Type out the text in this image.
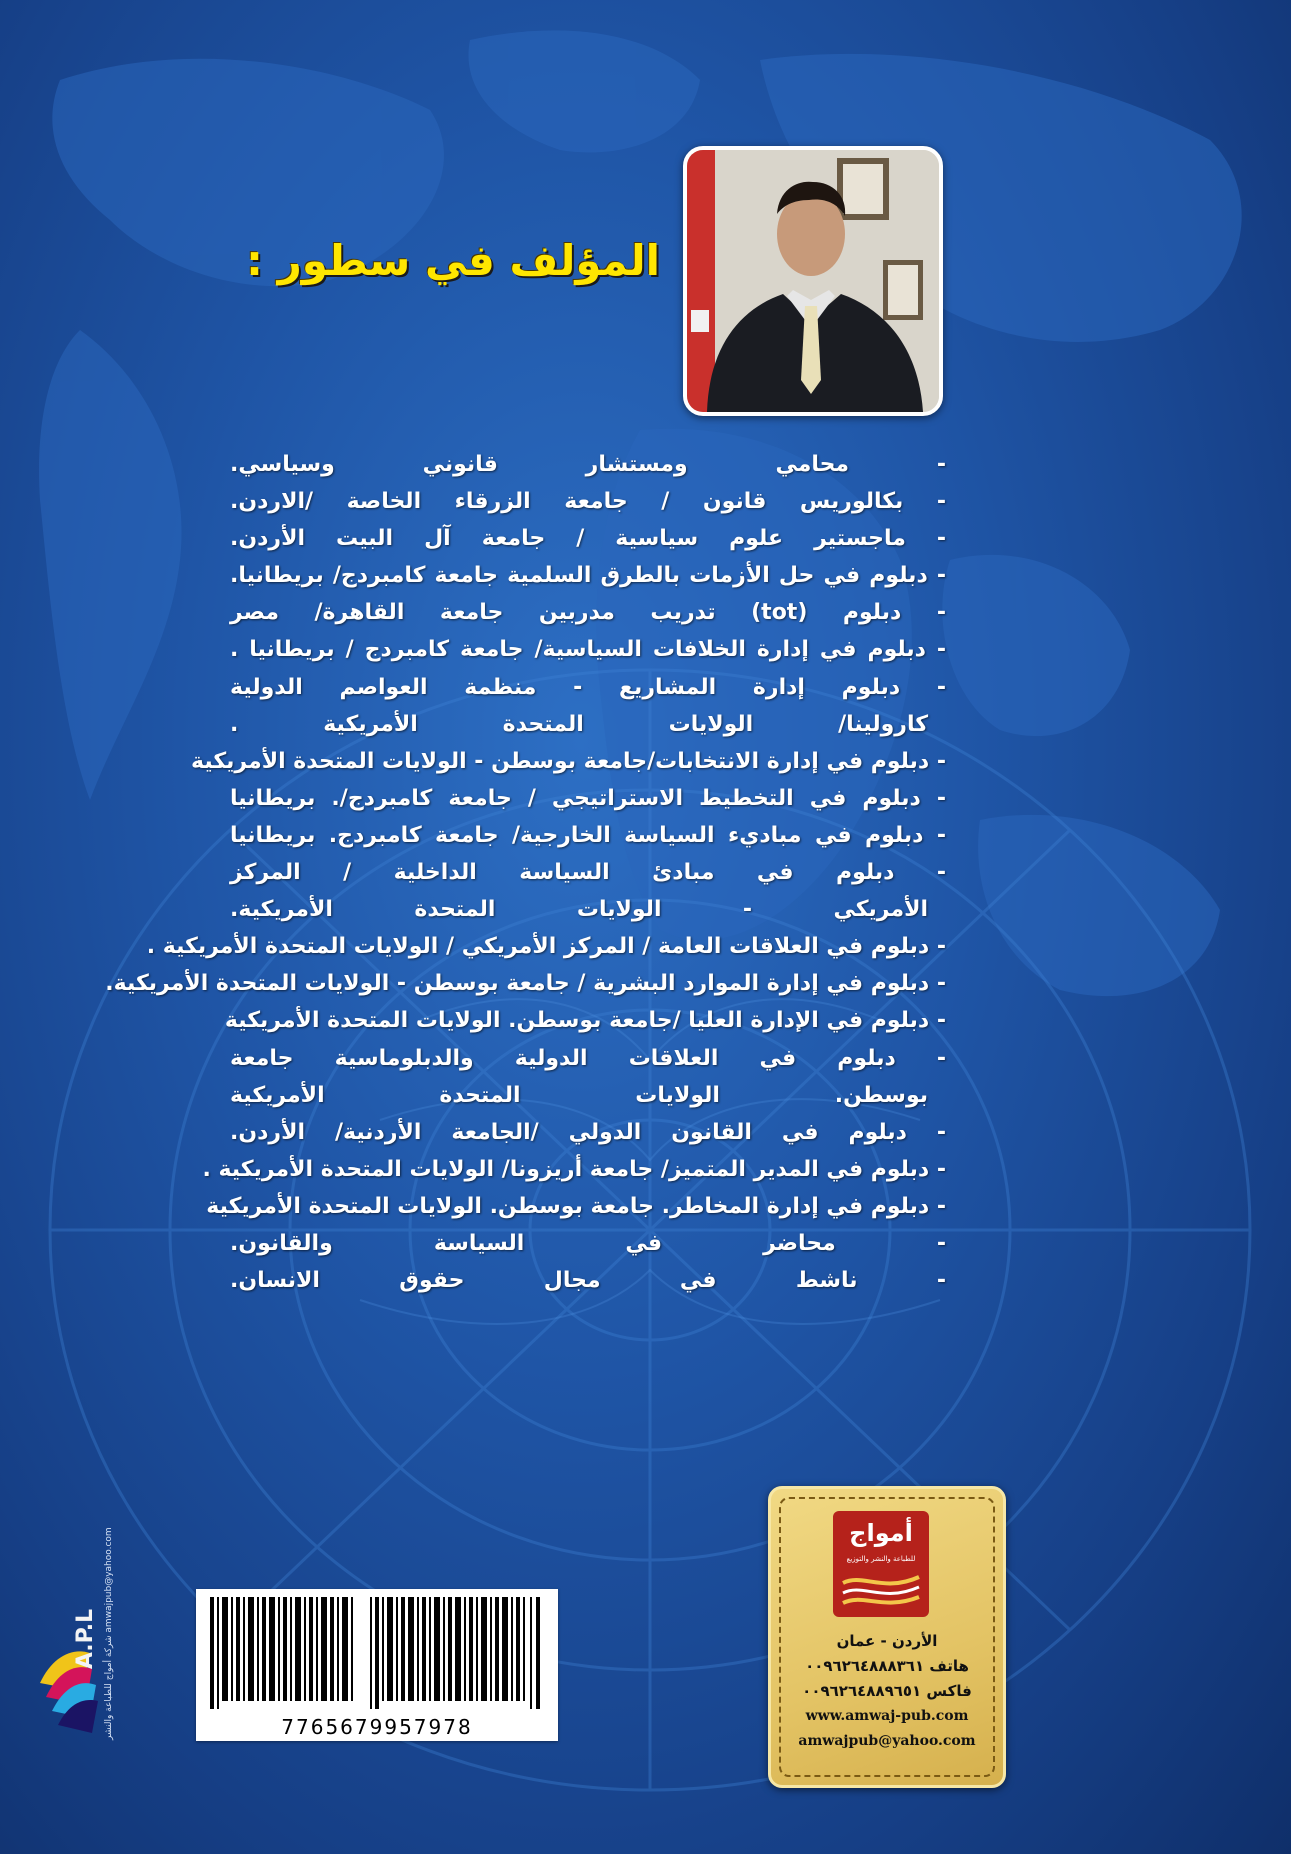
المؤلف في سطور :
- محامي ومستشار قانوني وسياسي.
- بكالوريس قانون / جامعة الزرقاء الخاصة /الاردن.
- ماجستير علوم سياسية / جامعة آل البيت الأردن.
- دبلوم في حل الأزمات بالطرق السلمية جامعة كامبردج/ بريطانيا.
- دبلوم (tot) تدريب مدربين جامعة القاهرة/ مصر
- دبلوم في إدارة الخلافات السياسية/ جامعة كامبردج / بريطانيا .
- دبلوم إدارة المشاريع - منظمة العواصم الدولية
كارولينا/ الولايات المتحدة الأمريكية .
- دبلوم في إدارة الانتخابات/جامعة بوسطن - الولايات المتحدة الأمريكية
- دبلوم في التخطيط الاستراتيجي / جامعة كامبردج/. بريطانيا
- دبلوم في مباديء السياسة الخارجية/ جامعة كامبردج. بريطانيا
- دبلوم في مبادئ السياسة الداخلية / المركز
الأمريكي - الولايات المتحدة الأمريكية.
- دبلوم في العلاقات العامة / المركز الأمريكي / الولايات المتحدة الأمريكية .
- دبلوم في إدارة الموارد البشرية / جامعة بوسطن - الولايات المتحدة الأمريكية.
- دبلوم في الإدارة العليا /جامعة بوسطن. الولايات المتحدة الأمريكية
- دبلوم في العلاقات الدولية والدبلوماسية جامعة
بوسطن. الولايات المتحدة الأمريكية
- دبلوم في القانون الدولي /الجامعة الأردنية/ الأردن.
- دبلوم في المدير المتميز/ جامعة أريزونا/ الولايات المتحدة الأمريكية .
- دبلوم في إدارة المخاطر. جامعة بوسطن. الولايات المتحدة الأمريكية
- محاضر في السياسة والقانون.
- ناشط في مجال حقوق الانسان.
A.P.L شركة أمواج للطباعة والنشر amwajpub@yahoo.com
7765679957978
أمواج
للطباعة والنشر والتوزيع
الأردن - عمان
هاتف ٠٠٩٦٢٦٤٨٨٨٣٦١
فاكس ٠٠٩٦٢٦٤٨٨٩٦٥١
www.amwaj-pub.com
amwajpub@yahoo.com
